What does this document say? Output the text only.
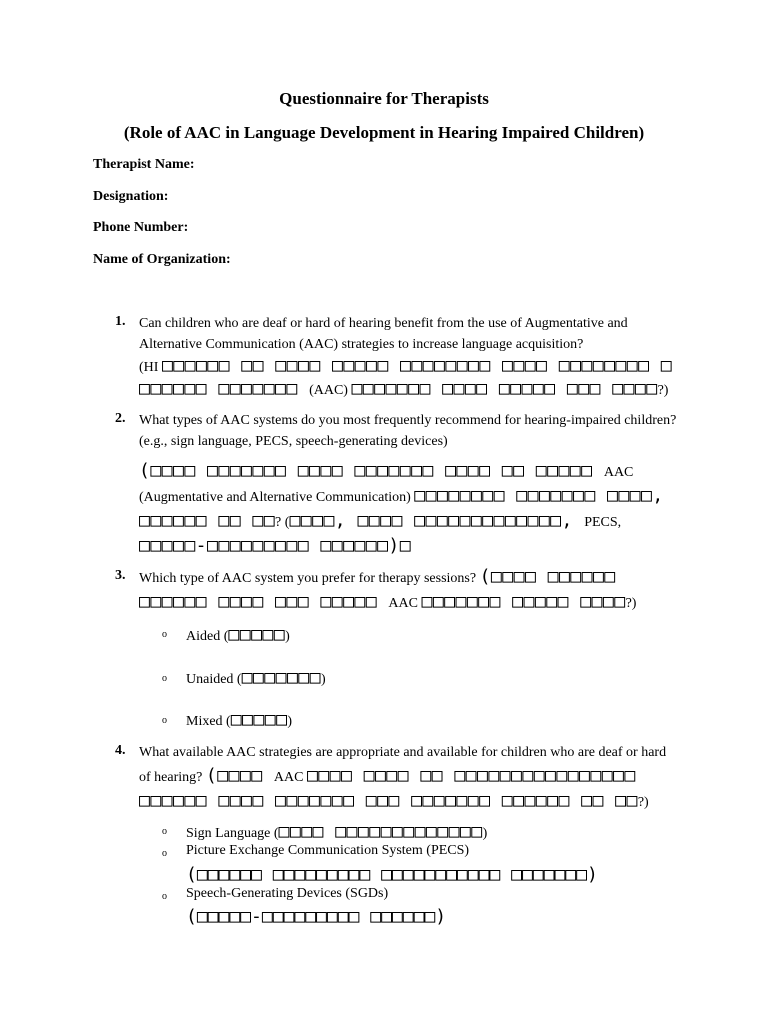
Questionnaire for Therapists
(Role of AAC in Language Development in Hearing Impaired Children)
Therapist Name:
Designation:
Phone Number:
Name of Organization:
1. Can children who are deaf or hard of hearing benefit from the use of Augmentative and Alternative Communication (AAC) strategies to increase language acquisition?
(HI □□□□□□ □□ □□□□ □□□□□ □□□□□□□□ □□□□ □□□□□□□□ □ □□□□□□ □□□□□□□ (AAC) □□□□□□□ □□□□ □□□□□ □□□ □□□□?)

2. What types of AAC systems do you most frequently recommend for hearing-impaired children? (e.g., sign language, PECS, speech-generating devices)

(□□□□ □□□□□□□ □□□□ □□□□□□□ □□□□ □□ □□□□□ AAC (Augmentative and Alternative Communication) □□□□□□□□ □□□□□□□ □□□□, □□□□□□ □□ □□? (□□□□, □□□□ □□□□□□□□□□□□□, PECS, □□□□□-□□□□□□□□□ □□□□□□)□

3. Which type of AAC system you prefer for therapy sessions? (□□□□ □□□□□□ □□□□□□ □□□□ □□□ □□□□□ AAC □□□□□□□ □□□□□ □□□□?)

o Aided (□□□□□)
o Unaided (□□□□□□□)
o Mixed (□□□□□)
4. What available AAC strategies are appropriate and available for children who are deaf or hard of hearing? (□□□□ AAC □□□□ □□□□ □□ □□□□□□□□□□□□□□□□ □□□□□□ □□□□ □□□□□□□ □□□ □□□□□□□ □□□□□□ □□ □□?)

o Sign Language (□□□□ □□□□□□□□□□□□□)
o Picture Exchange Communication System (PECS)
(□□□□□□ □□□□□□□□□ □□□□□□□□□□□ □□□□□□□)
o Speech-Generating Devices (SGDs)
(□□□□□-□□□□□□□□□ □□□□□□)
